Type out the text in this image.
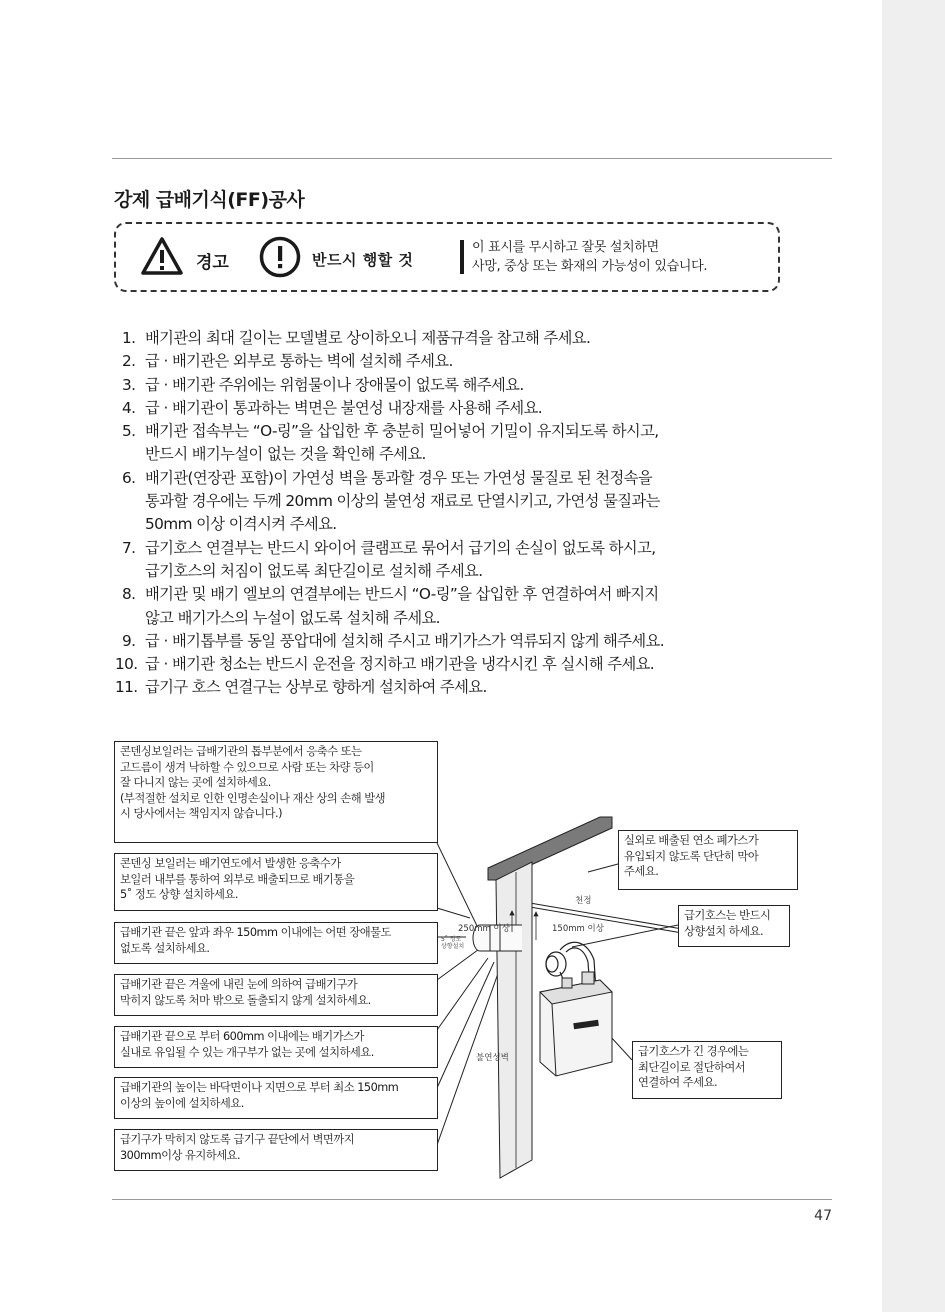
강제 급배기식(FF)공사
경고	반드시 행할 것
이 표시를 무시하고 잘못 설치하면
사망, 중상 또는 화재의 가능성이 있습니다.
1. 배기관의 최대 길이는 모델별로 상이하오니 제품규격을 참고해 주세요.
2. 급 · 배기관은 외부로 통하는 벽에 설치해 주세요.
3. 급 · 배기관 주위에는 위험물이나 장애물이 없도록 해주세요.
4. 급 · 배기관이 통과하는 벽면은 불연성 내장재를 사용해 주세요.
5. 배기관 접속부는 “O-링”을 삽입한 후 충분히 밀어넣어 기밀이 유지되도록 하시고,
반드시 배기누설이 없는 것을 확인해 주세요.
6. 배기관(연장관 포함)이 가연성 벽을 통과할 경우 또는 가연성 물질로 된 천정속을
통과할 경우에는 두께 20mm 이상의 불연성 재료로 단열시키고, 가연성 물질과는
50mm 이상 이격시켜 주세요.
7. 급기호스 연결부는 반드시 와이어 클램프로 묶어서 급기의 손실이 없도록 하시고,
급기호스의 처짐이 없도록 최단길이로 설치해 주세요.
8. 배기관 및 배기 엘보의 연결부에는 반드시 “O-링”을 삽입한 후 연결하여서 빠지지
않고 배기가스의 누설이 없도록 설치해 주세요.
9. 급 · 배기톱부를 동일 풍압대에 설치해 주시고 배기가스가 역류되지 않게 해주세요.
10. 급 · 배기관 청소는 반드시 운전을 정지하고 배기관을 냉각시킨 후 실시해 주세요.
11. 급기구 호스 연결구는 상부로 향하게 설치하여 주세요.
천정
250mm 이상	150mm 이상
5˚ 정도
상향설치
불연성벽
콘덴싱보일러는 급배기관의 톱부분에서 응축수 또는
고드름이 생겨 낙하할 수 있으므로 사람 또는 차량 등이
잘 다니지 않는 곳에 설치하세요.
(부적절한 설치로 인한 인명손실이나 재산 상의 손해 발생
시 당사에서는 책임지지 않습니다.)
콘덴싱 보일러는 배기연도에서 발생한 응축수가
보일러 내부를 통하여 외부로 배출되므로 배기통을
5˚ 정도 상향 설치하세요.
급배기관 끝은 앞과 좌우 150mm 이내에는 어떤 장애물도
없도록 설치하세요.
급배기관 끝은 겨울에 내린 눈에 의하여 급배기구가
막히지 않도록 처마 밖으로 돌출되지 않게 설치하세요.
급배기관 끝으로 부터 600mm 이내에는 배기가스가
실내로 유입될 수 있는 개구부가 없는 곳에 설치하세요.
급배기관의 높이는 바닥면이나 지면으로 부터 최소 150mm
이상의 높이에 설치하세요.
급기구가 막히지 않도록 급기구 끝단에서 벽면까지
300mm이상 유지하세요.
실외로 배출된 연소 폐가스가
유입되지 않도록 단단히 막아
주세요.
급기호스는 반드시
상향설치 하세요.
급기호스가 긴 경우에는
최단길이로 절단하여서
연결하여 주세요.
47
